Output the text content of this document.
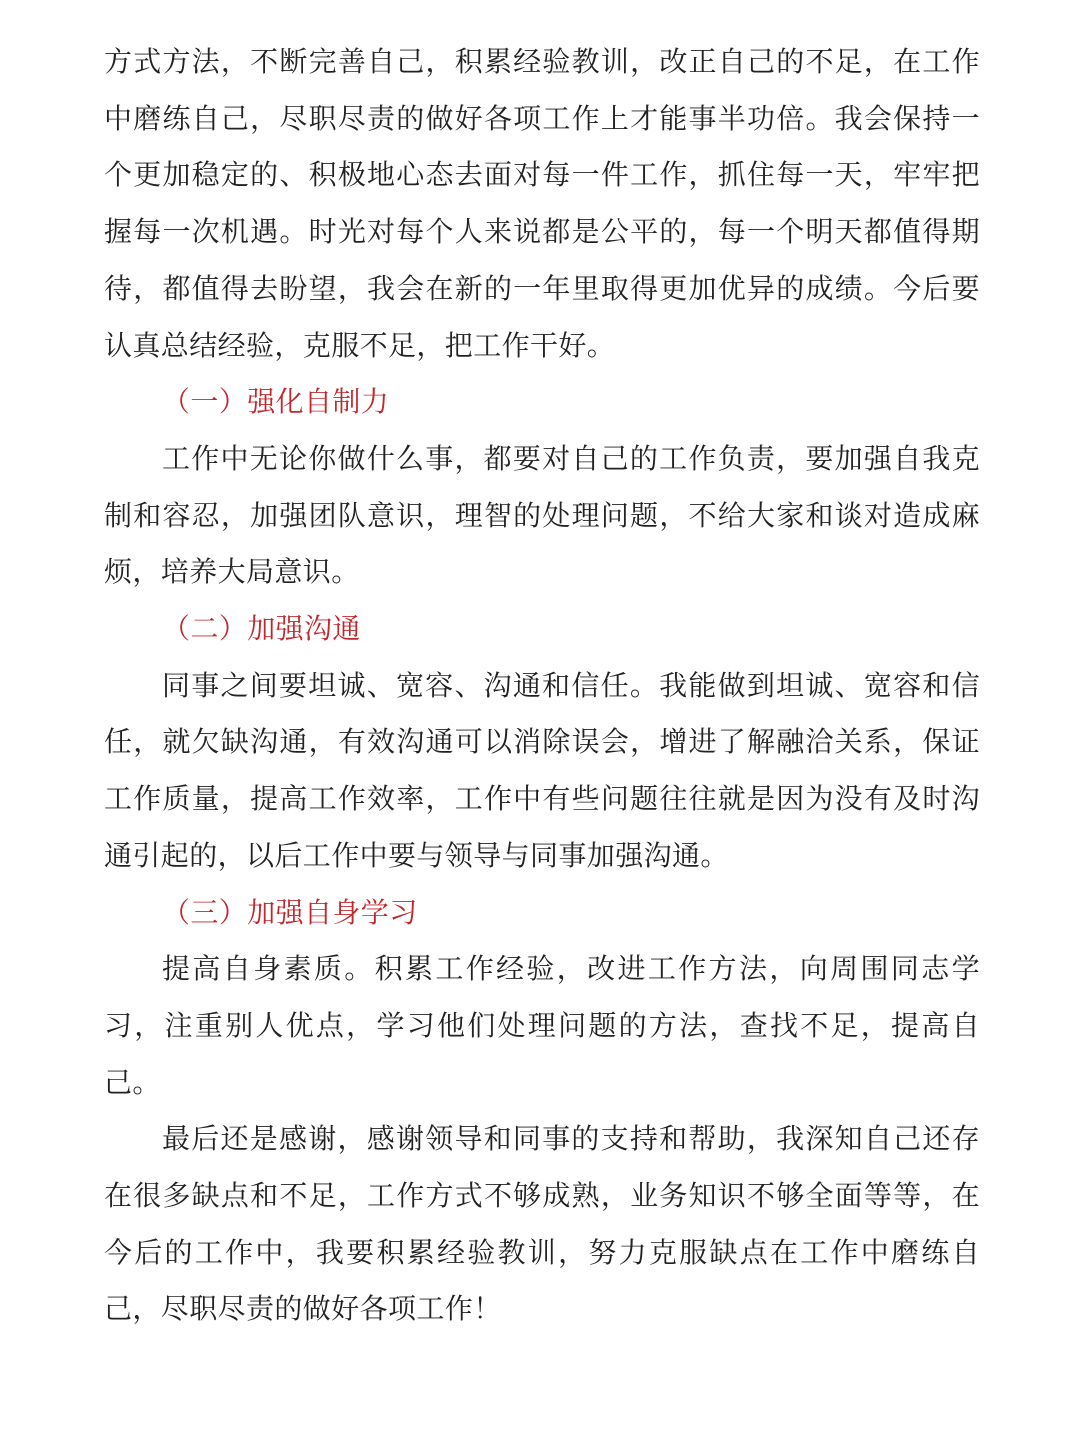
方式方法，不断完善自己，积累经验教训，改正自己的不足，在工作中磨练自己，尽职尽责的做好各项工作上才能事半功倍。我会保持一个更加稳定的、积极地心态去面对每一件工作，抓住每一天，牢牢把握每一次机遇。时光对每个人来说都是公平的，每一个明天都值得期待，都值得去盼望，我会在新的一年里取得更加优异的成绩。今后要认真总结经验，克服不足，把工作干好。

（一）强化自制力

工作中无论你做什么事，都要对自己的工作负责，要加强自我克制和容忍，加强团队意识，理智的处理问题，不给大家和谈对造成麻烦，培养大局意识。

（二）加强沟通

同事之间要坦诚、宽容、沟通和信任。我能做到坦诚、宽容和信任，就欠缺沟通，有效沟通可以消除误会，增进了解融洽关系，保证工作质量，提高工作效率，工作中有些问题往往就是因为没有及时沟通引起的，以后工作中要与领导与同事加强沟通。

（三）加强自身学习

提高自身素质。积累工作经验，改进工作方法，向周围同志学习，注重别人优点，学习他们处理问题的方法，查找不足，提高自己。

最后还是感谢，感谢领导和同事的支持和帮助，我深知自己还存在很多缺点和不足，工作方式不够成熟，业务知识不够全面等等，在今后的工作中，我要积累经验教训，努力克服缺点在工作中磨练自己，尽职尽责的做好各项工作！
